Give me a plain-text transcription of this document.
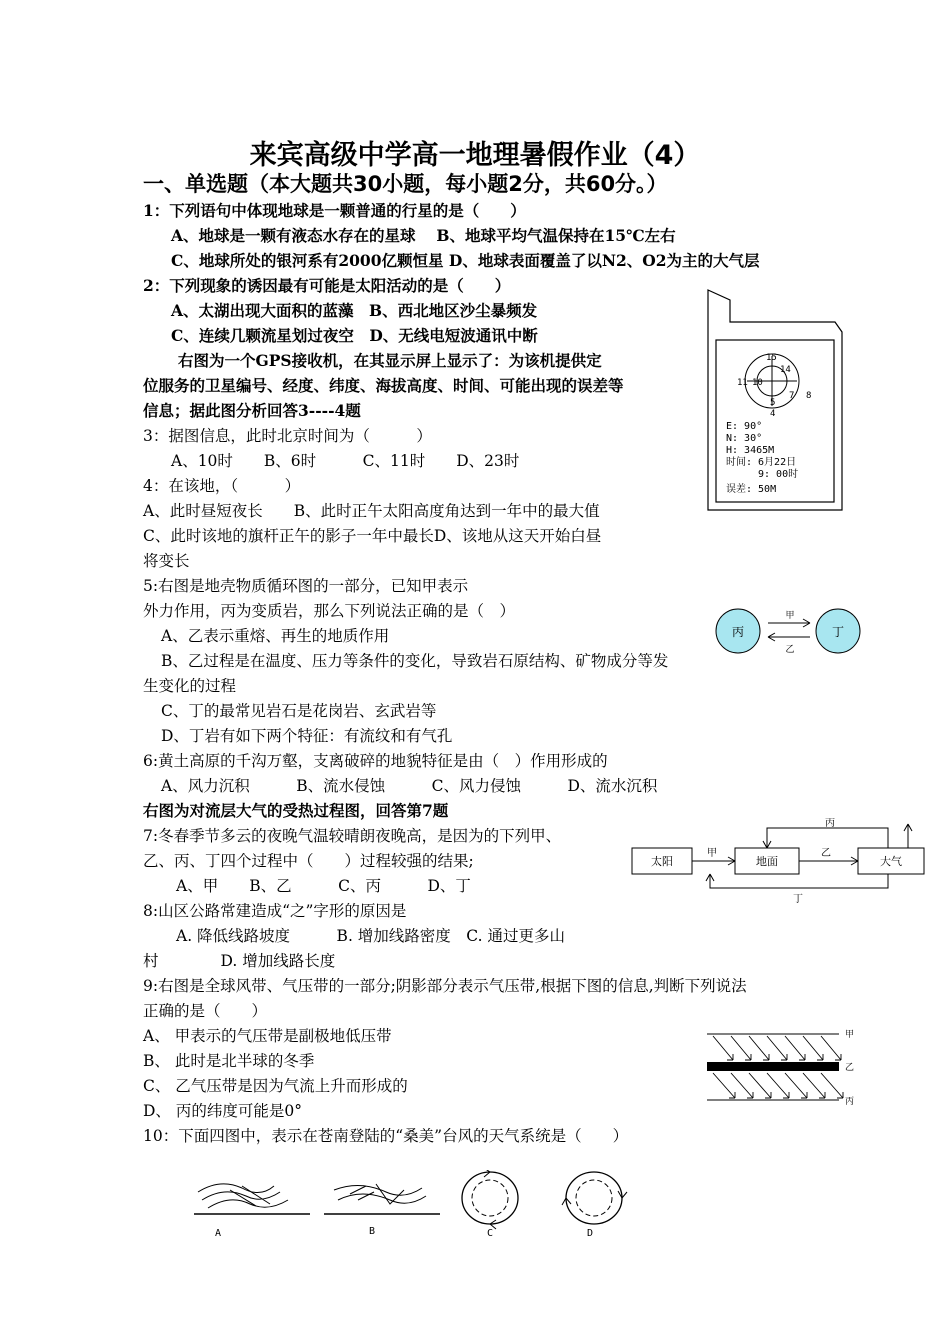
来宾高级中学高一地理暑假作业（4）
一、单选题（本大题共30小题，每小题2分，共60分。）
1：下列语句中体现地球是一颗普通的行星的是（　　）
A、地球是一颗有液态水存在的星球　 B、地球平均气温保持在15℃左右
C、地球所处的银河系有2000亿颗恒星 D、地球表面覆盖了以N2、O2为主的大气层
2：下列现象的诱因最有可能是太阳活动的是（　　）
A、太湖出现大面积的蓝藻　B、西北地区沙尘暴频发
C、连续几颗流星划过夜空　D、无线电短波通讯中断
右图为一个GPS接收机，在其显示屏上显示了：为该机提供定
位服务的卫星编号、经度、纬度、海拔高度、时间、可能出现的误差等
信息；据此图分析回答3----4题
3：据图信息，此时北京时间为（　　　）
A、10时　　B、6时　　　C、11时　　D、23时
4：在该地，（　　　）
A、此时昼短夜长　　B、此时正午太阳高度角达到一年中的最大值
C、此时该地的旗杆正午的影子一年中最长D、该地从这天开始白昼
将变长
5:右图是地壳物质循环图的一部分，已知甲表示
外力作用，丙为变质岩，那么下列说法正确的是（　）
A、乙表示重熔、再生的地质作用
B、乙过程是在温度、压力等条件的变化，导致岩石原结构、矿物成分等发
生变化的过程
C、丁的最常见岩石是花岗岩、玄武岩等
D、丁岩有如下两个特征：有流纹和有气孔
6:黄土高原的千沟万壑，支离破碎的地貌特征是由（　）作用形成的
A、风力沉积　　　B、流水侵蚀　　　C、风力侵蚀　　　D、流水沉积
右图为对流层大气的受热过程图，回答第7题
7:冬春季节多云的夜晚气温较晴朗夜晚高，是因为的下列甲、
乙、丙、丁四个过程中（　　）过程较强的结果;
A、甲　　B、乙　　　C、丙　　　D、丁
8:山区公路常建造成“之”字形的原因是
A. 降低线路坡度　　　B. 增加线路密度　C. 通过更多山
村　　　　D. 增加线路长度
9:右图是全球风带、气压带的一部分;阴影部分表示气压带,根据下图的信息,判断下列说法
正确的是（　　）
A、 甲表示的气压带是副极地低压带
B、 此时是北半球的冬季
C、 乙气压带是因为气流上升而形成的
D、 丙的纬度可能是0°
10：下面四图中，表示在苍南登陆的“桑美”台风的天气系统是（　　）
15
14
11 10
7 8
5
4
E: 90°
N: 30°
H: 3465M
时间: 6月22日
9: 00时
误差: 50M
丙	丁
甲
乙
太阳	地面	大气
甲	乙
丙
丁
甲
乙
丙
A	B	C	D
